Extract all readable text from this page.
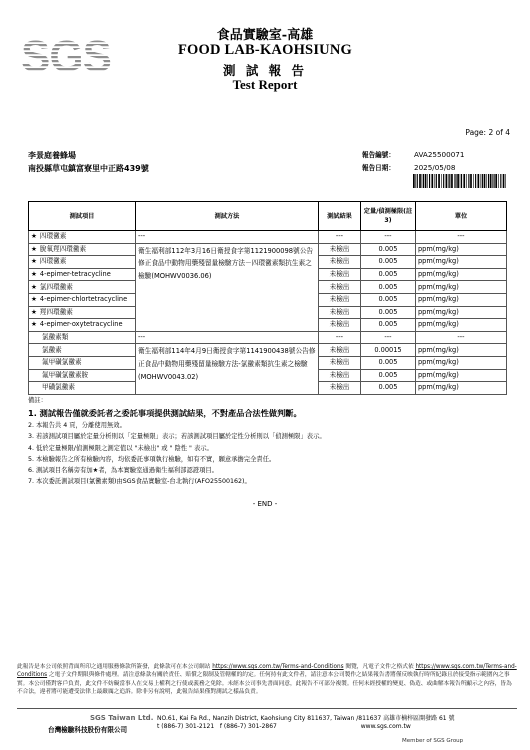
SGS	食品實驗室-高雄
FOOD LAB-KAOHSIUNG
測 試 報 告
Test Report
Page: 2 of 4
李景庭養蜂場
南投縣草屯鎮富寮里中正路439號
報告編號：	AVA25500071
報告日期：	2025/05/08
測試項目	測試方法	測試結果	定量/偵測極限(註3)	單位
★ 四環黴素	---	---	---	---
★ 脫氧羥四環黴素	衛生福利部112年3月16日衛授食字第1121900098號公告修正食品中動物用藥殘留量檢驗方法－四環黴素類抗生素之檢驗(MOHWV0036.06)	未檢出	0.005	ppm(mg/kg)
★ 四環黴素		未檢出	0.005	ppm(mg/kg)
★ 4-epimer-tetracycline		未檢出	0.005	ppm(mg/kg)
★ 氯四環黴素		未檢出	0.005	ppm(mg/kg)
★ 4-epimer-chlortetracycline		未檢出	0.005	ppm(mg/kg)
★ 羥四環黴素		未檢出	0.005	ppm(mg/kg)
★ 4-epimer-oxytetracycline		未檢出	0.005	ppm(mg/kg)
氯黴素類	---	---	---	---
氯黴素	衛生福利部114年4月9日衛授食字第1141900438號公告修正食品中動物用藥殘留量檢驗方法-氯黴素類抗生素之檢驗(MOHWV0043.02)	未檢出	0.00015	ppm(mg/kg)
氟甲磺氯黴素		未檢出	0.005	ppm(mg/kg)
氟甲磺氯黴素胺		未檢出	0.005	ppm(mg/kg)
甲磺氯黴素		未檢出	0.005	ppm(mg/kg)
備註：
1. 測試報告僅就委託者之委託事項提供測試結果，不對產品合法性做判斷。
2. 本報告共 4 頁，分離使用無效。
3. 若該測試項目屬於定量分析則以「定量極限」表示；若該測試項目屬於定性分析則以「偵測極限」表示。
4. 低於定量極限/偵測極限之測定值以 "未檢出" 或 " 陰性 " 表示。
5. 本檢驗報告之所有檢驗內容，均依委託事項執行檢驗，如有不實，願意承擔完全責任。
6. 測試項目名稱旁有加★者，為本實驗室通過衛生福利部認證項目。
7. 本次委託測試項目(氯黴素類)由SGS食品實驗室-台北執行(AFO25500162)。
- END -
此報告是本公司依照背面所印之通用服務條款所簽發，此條款可在本公司網站 https://www.sgs.com.tw/Terms-and-Conditions 閱覽，凡電子文件之格式依 https://www.sgs.com.tw/Terms-and-Conditions 之電子文件期限與條件處理。請注意條款有關於責任、賠償之限制及管轄權的約定。任何持有此文件者，請注意本公司製作之結果報告書將僅反映執行時所紀錄且於接受指示範圍內之事實。本公司僅對客戶負責，此文件不妨礙當事人在交易上權利之行使或義務之免除。未經本公司事先書面同意，此報告不可部分複製。任何未經授權的變更、偽造、或曲解本報告所顯示之內容，皆為不合法，違者將可能遭受法律上最嚴厲之追訴。除非另有說明，此報告結果僅對測試之樣品負責。
SGS Taiwan Ltd.
台灣檢驗科技股份有限公司
NO.61, Kai Fa Rd., Nanzih District, Kaohsiung City 811637, Taiwan /811637 高雄市楠梓區開發路 61 號
t (886-7) 301-2121 f (886-7) 301-2867	www.sgs.com.tw
Member of SGS Group
